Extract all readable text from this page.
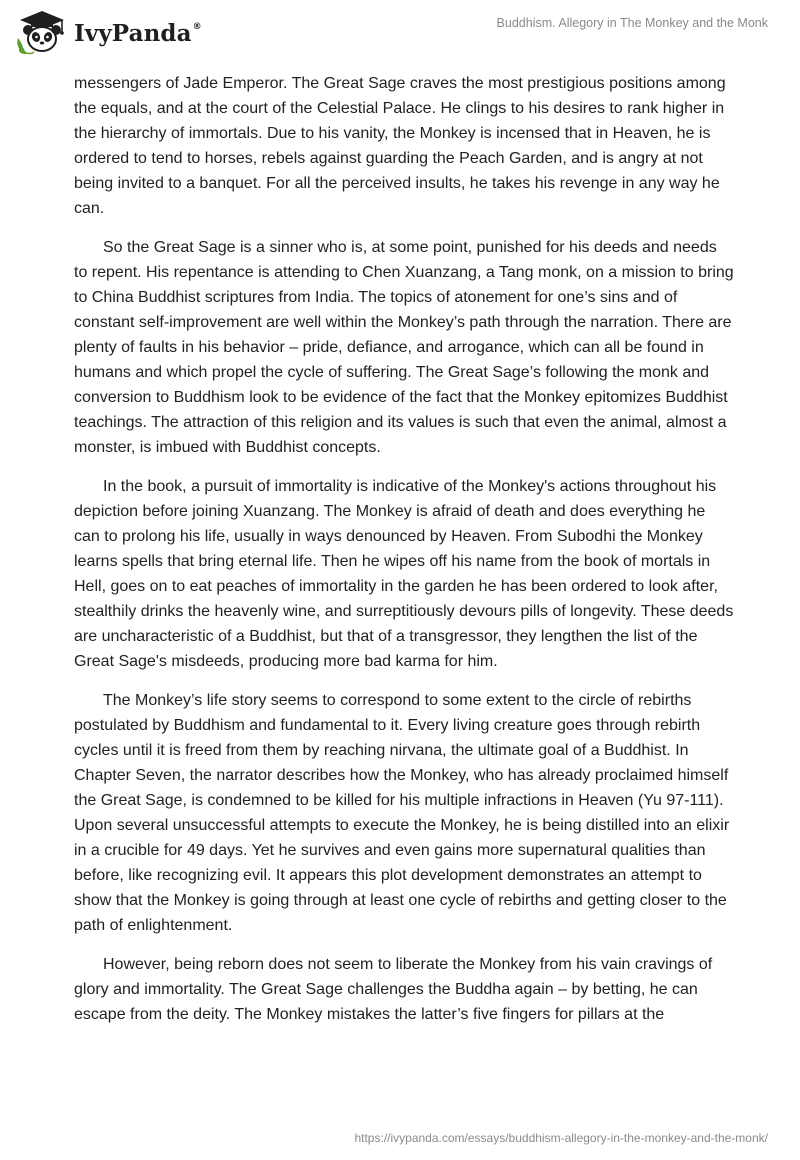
IvyPanda®	Buddhism. Allegory in The Monkey and the Monk

messengers of Jade Emperor. The Great Sage craves the most prestigious positions among the equals, and at the court of the Celestial Palace. He clings to his desires to rank higher in the hierarchy of immortals. Due to his vanity, the Monkey is incensed that in Heaven, he is ordered to tend to horses, rebels against guarding the Peach Garden, and is angry at not being invited to a banquet. For all the perceived insults, he takes his revenge in any way he can.

So the Great Sage is a sinner who is, at some point, punished for his deeds and needs to repent. His repentance is attending to Chen Xuanzang, a Tang monk, on a mission to bring to China Buddhist scriptures from India. The topics of atonement for one’s sins and of constant self-improvement are well within the Monkey’s path through the narration. There are plenty of faults in his behavior – pride, defiance, and arrogance, which can all be found in humans and which propel the cycle of suffering. The Great Sage’s following the monk and conversion to Buddhism look to be evidence of the fact that the Monkey epitomizes Buddhist teachings. The attraction of this religion and its values is such that even the animal, almost a monster, is imbued with Buddhist concepts.

In the book, a pursuit of immortality is indicative of the Monkey's actions throughout his depiction before joining Xuanzang. The Monkey is afraid of death and does everything he can to prolong his life, usually in ways denounced by Heaven. From Subodhi the Monkey learns spells that bring eternal life. Then he wipes off his name from the book of mortals in Hell, goes on to eat peaches of immortality in the garden he has been ordered to look after, stealthily drinks the heavenly wine, and surreptitiously devours pills of longevity. These deeds are uncharacteristic of a Buddhist, but that of a transgressor, they lengthen the list of the Great Sage's misdeeds, producing more bad karma for him.

The Monkey’s life story seems to correspond to some extent to the circle of rebirths postulated by Buddhism and fundamental to it. Every living creature goes through rebirth cycles until it is freed from them by reaching nirvana, the ultimate goal of a Buddhist. In Chapter Seven, the narrator describes how the Monkey, who has already proclaimed himself the Great Sage, is condemned to be killed for his multiple infractions in Heaven (Yu 97-111). Upon several unsuccessful attempts to execute the Monkey, he is being distilled into an elixir in a crucible for 49 days. Yet he survives and even gains more supernatural qualities than before, like recognizing evil. It appears this plot development demonstrates an attempt to show that the Monkey is going through at least one cycle of rebirths and getting closer to the path of enlightenment.

However, being reborn does not seem to liberate the Monkey from his vain cravings of glory and immortality. The Great Sage challenges the Buddha again – by betting, he can escape from the deity. The Monkey mistakes the latter’s five fingers for pillars at the

https://ivypanda.com/essays/buddhism-allegory-in-the-monkey-and-the-monk/
